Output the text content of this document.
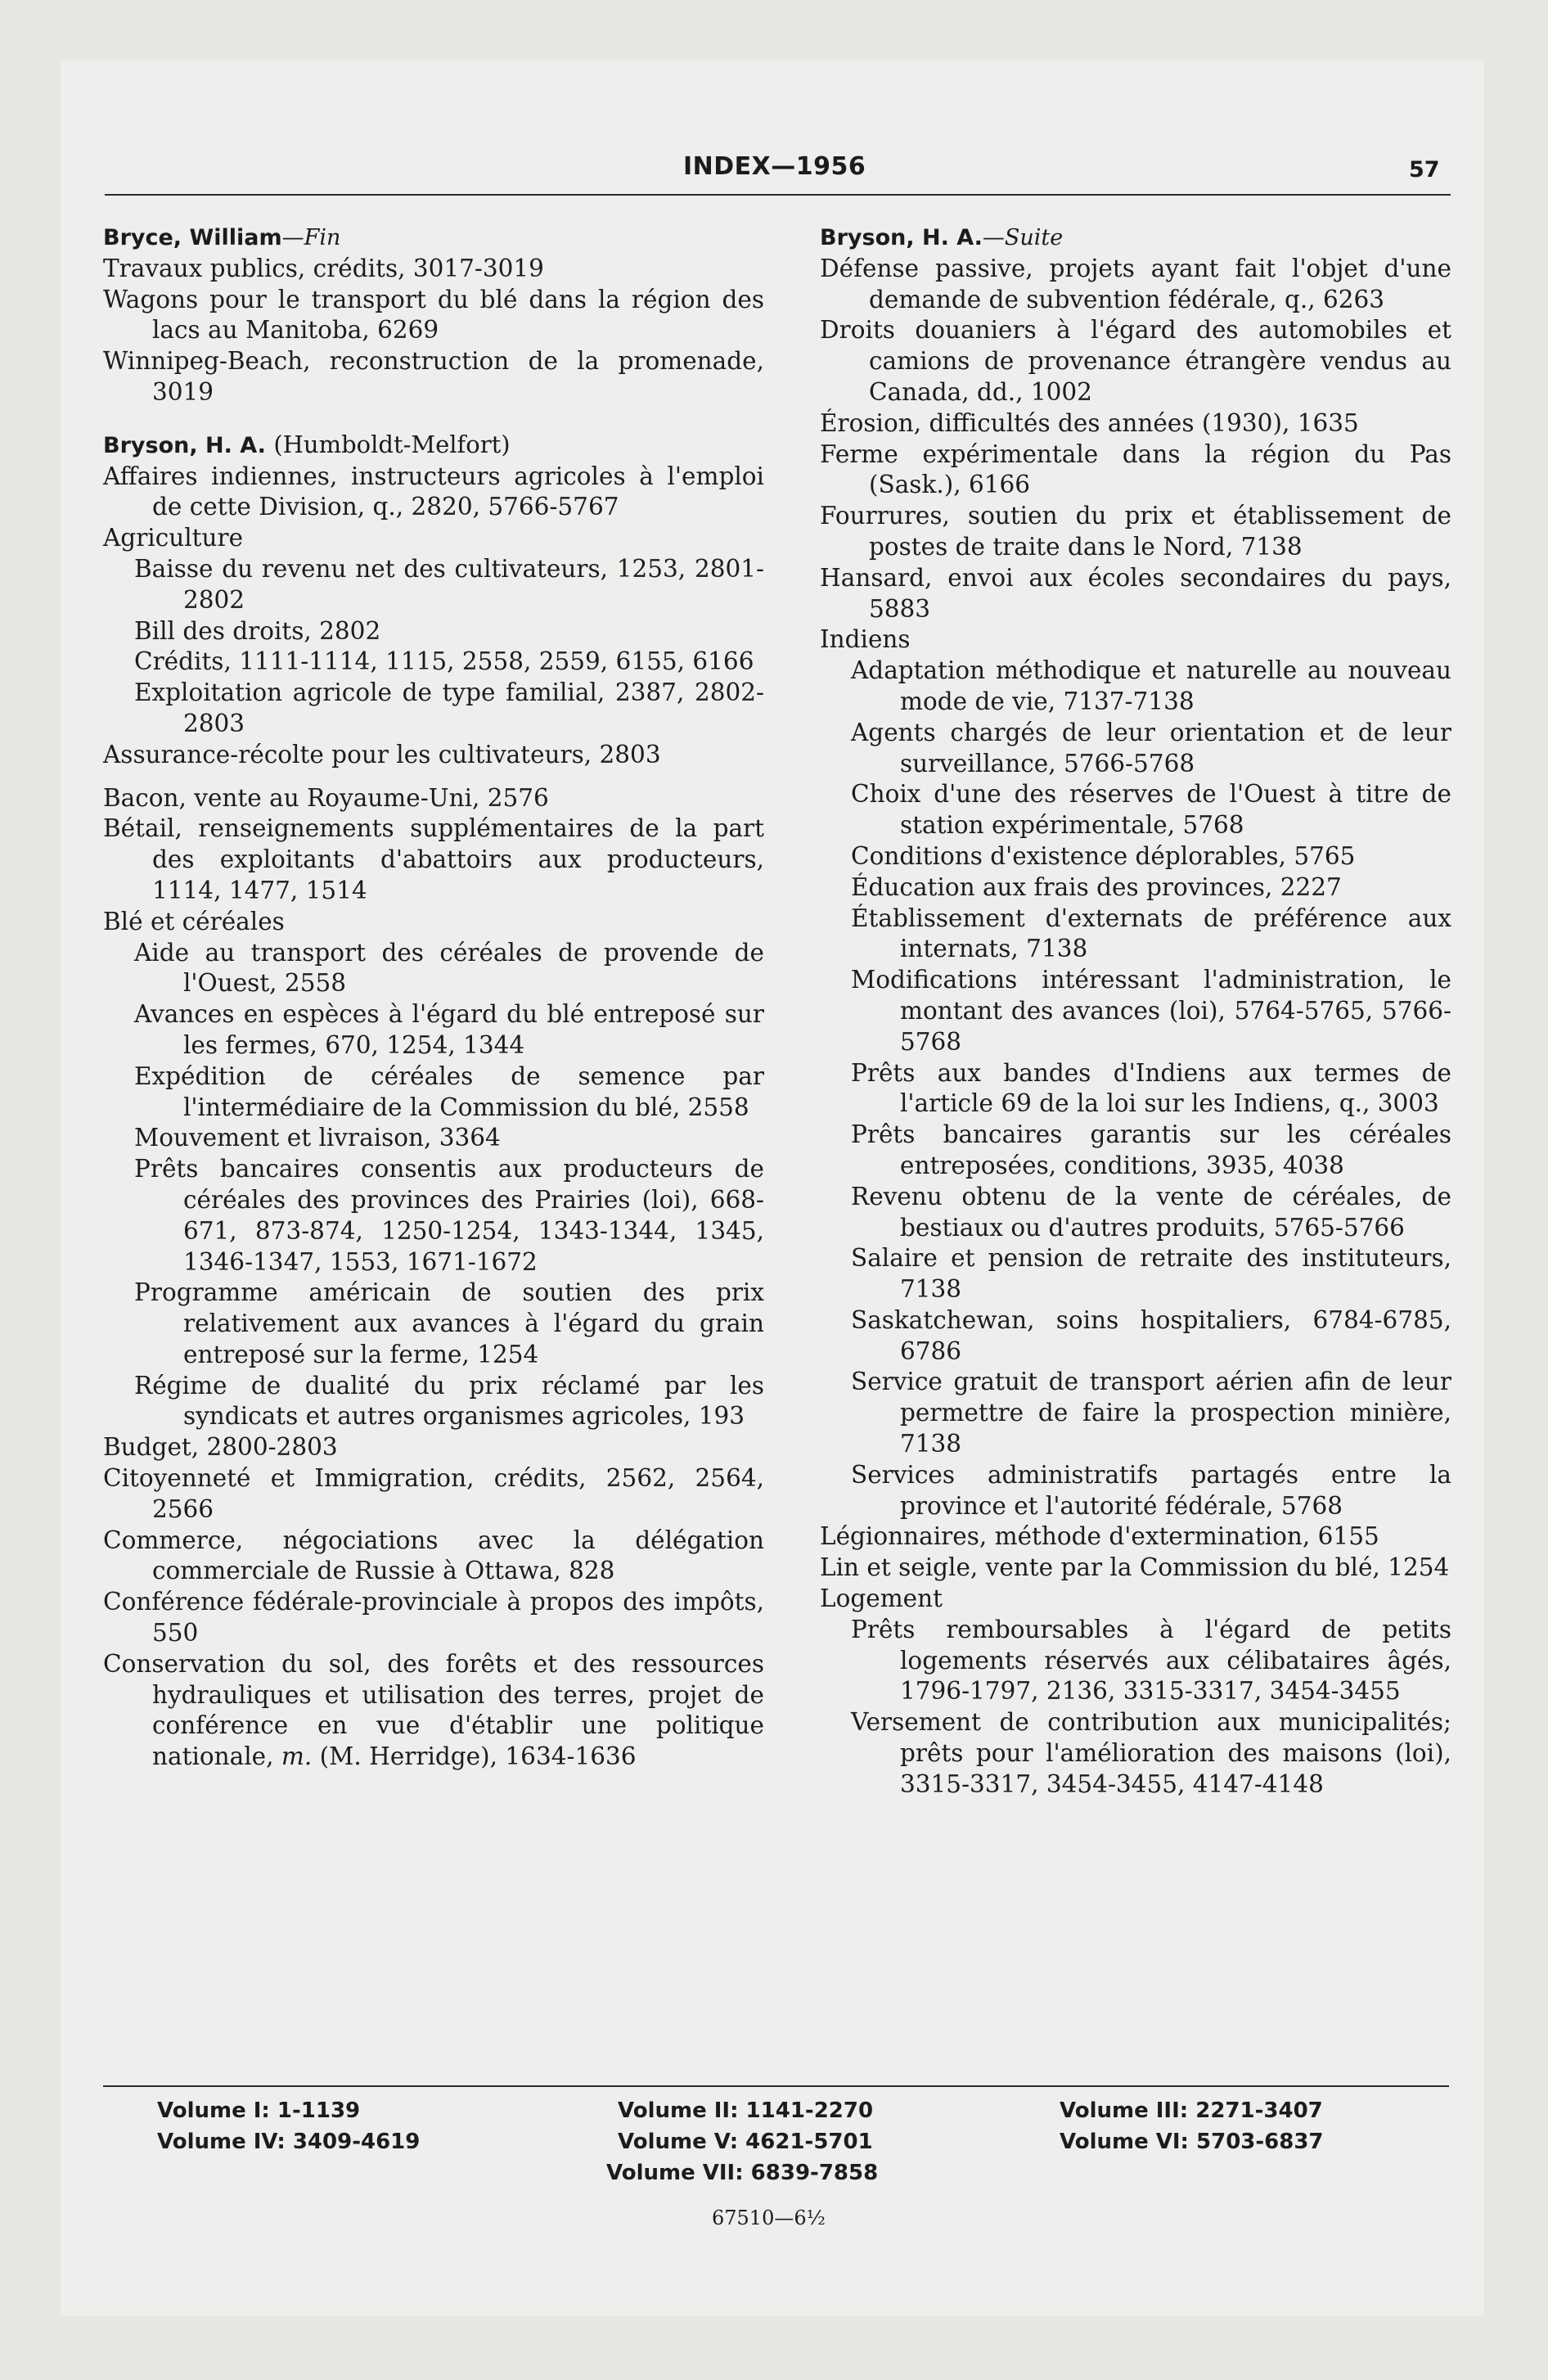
INDEX—1956	57
Bryce, William—Fin
Travaux publics, crédits, 3017-3019
Wagons pour le transport du blé dans la région des lacs au Manitoba, 6269
Winnipeg-Beach, reconstruction de la promenade, 3019
Bryson, H. A. (Humboldt-Melfort)
Affaires indiennes, instructeurs agricoles à l'emploi de cette Division, q., 2820, 5766-5767
Agriculture
Baisse du revenu net des cultivateurs, 1253, 2801-2802
Bill des droits, 2802
Crédits, 1111-1114, 1115, 2558, 2559, 6155, 6166
Exploitation agricole de type familial, 2387, 2802-2803
Assurance-récolte pour les cultivateurs, 2803
Bacon, vente au Royaume-Uni, 2576
Bétail, renseignements supplémentaires de la part des exploitants d'abattoirs aux producteurs, 1114, 1477, 1514
Blé et céréales
Aide au transport des céréales de provende de l'Ouest, 2558
Avances en espèces à l'égard du blé entreposé sur les fermes, 670, 1254, 1344
Expédition de céréales de semence par l'intermédiaire de la Commission du blé, 2558
Mouvement et livraison, 3364
Prêts bancaires consentis aux producteurs de céréales des provinces des Prairies (loi), 668-671, 873-874, 1250-1254, 1343-1344, 1345, 1346-1347, 1553, 1671-1672
Programme américain de soutien des prix relativement aux avances à l'égard du grain entreposé sur la ferme, 1254
Régime de dualité du prix réclamé par les syndicats et autres organismes agricoles, 193
Budget, 2800-2803
Citoyenneté et Immigration, crédits, 2562, 2564, 2566
Commerce, négociations avec la délégation commerciale de Russie à Ottawa, 828
Conférence fédérale-provinciale à propos des impôts, 550
Conservation du sol, des forêts et des ressources hydrauliques et utilisation des terres, projet de conférence en vue d'établir une politique nationale, m. (M. Herridge), 1634-1636
Bryson, H. A.—Suite
Défense passive, projets ayant fait l'objet d'une demande de subvention fédérale, q., 6263
Droits douaniers à l'égard des automobiles et camions de provenance étrangère vendus au Canada, dd., 1002
Érosion, difficultés des années (1930), 1635
Ferme expérimentale dans la région du Pas (Sask.), 6166
Fourrures, soutien du prix et établissement de postes de traite dans le Nord, 7138
Hansard, envoi aux écoles secondaires du pays, 5883
Indiens
Adaptation méthodique et naturelle au nouveau mode de vie, 7137-7138
Agents chargés de leur orientation et de leur surveillance, 5766-5768
Choix d'une des réserves de l'Ouest à titre de station expérimentale, 5768
Conditions d'existence déplorables, 5765
Éducation aux frais des provinces, 2227
Établissement d'externats de préférence aux internats, 7138
Modifications intéressant l'administration, le montant des avances (loi), 5764-5765, 5766-5768
Prêts aux bandes d'Indiens aux termes de l'article 69 de la loi sur les Indiens, q., 3003
Prêts bancaires garantis sur les céréales entreposées, conditions, 3935, 4038
Revenu obtenu de la vente de céréales, de bestiaux ou d'autres produits, 5765-5766
Salaire et pension de retraite des instituteurs, 7138
Saskatchewan, soins hospitaliers, 6784-6785, 6786
Service gratuit de transport aérien afin de leur permettre de faire la prospection minière, 7138
Services administratifs partagés entre la province et l'autorité fédérale, 5768
Légionnaires, méthode d'extermination, 6155
Lin et seigle, vente par la Commission du blé, 1254
Logement
Prêts remboursables à l'égard de petits logements réservés aux célibataires âgés, 1796-1797, 2136, 3315-3317, 3454-3455
Versement de contribution aux municipalités; prêts pour l'amélioration des maisons (loi), 3315-3317, 3454-3455, 4147-4148
Volume I: 1-1139
Volume IV: 3409-4619
Volume II: 1141-2270
Volume V: 4621-5701
Volume VII: 6839-7858
Volume III: 2271-3407
Volume VI: 5703-6837
67510—6½
